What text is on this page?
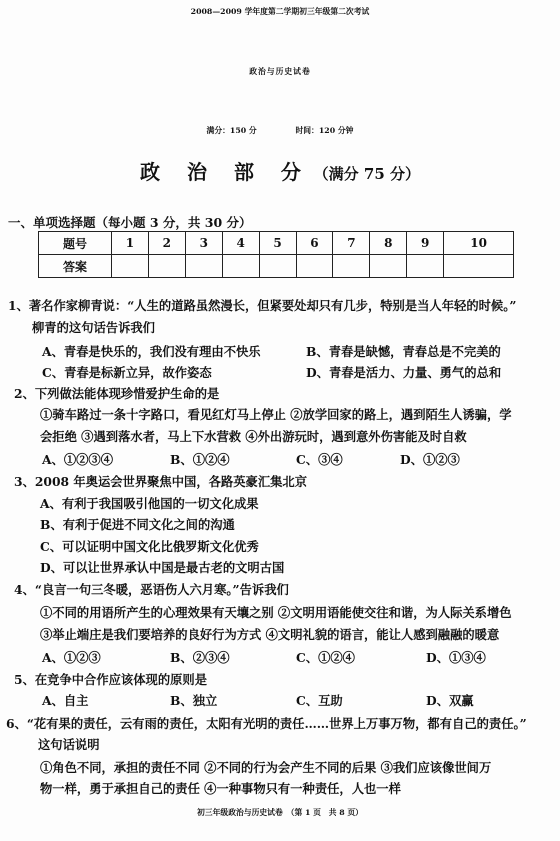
2008—2009 学年度第二学期初三年级第二次考试
政治与历史试卷
满分：150 分	时间：120 分钟
政 治 部 分 （满分 75 分）
一、单项选择题（每小题 3 分，共 30 分）
题号	1	2	3	4	5	6	7	8	9	10
答案										
1、著名作家柳青说：“人生的道路虽然漫长，但紧要处却只有几步，特别是当人年轻的时候。”
柳青的这句话告诉我们
A、青春是快乐的，我们没有理由不快乐	B、青春是缺憾，青春总是不完美的
C、青春是标新立异，故作姿态	D、青春是活力、力量、勇气的总和
2、下列做法能体现珍惜爱护生命的是
①骑车路过一条十字路口，看见红灯马上停止 ②放学回家的路上，遇到陌生人诱骗，学
会拒绝 ③遇到落水者，马上下水营救 ④外出游玩时，遇到意外伤害能及时自救
A、①②③④	B、①②④	C、③④	D、①②③
3、2008 年奥运会世界聚焦中国，各路英豪汇集北京
A、有利于我国吸引他国的一切文化成果
B、有利于促进不同文化之间的沟通
C、可以证明中国文化比俄罗斯文化优秀
D、可以让世界承认中国是最古老的文明古国
4、“良言一句三冬暖，恶语伤人六月寒。”告诉我们
①不同的用语所产生的心理效果有天壤之别 ②文明用语能使交往和谐，为人际关系增色
③举止端庄是我们要培养的良好行为方式 ④文明礼貌的语言，能让人感到融融的暖意
A、①②③	B、②③④	C、①②④	D、①③④
5、在竞争中合作应该体现的原则是
A、自主	B、独立	C、互助	D、双赢
6、“花有果的责任，云有雨的责任，太阳有光明的责任……世界上万事万物，都有自己的责任。”
这句话说明
①角色不同，承担的责任不同 ②不同的行为会产生不同的后果 ③我们应该像世间万
物一样，勇于承担自己的责任 ④一种事物只有一种责任，人也一样
初三年级政治与历史试卷　（第 1 页　共 8 页）
